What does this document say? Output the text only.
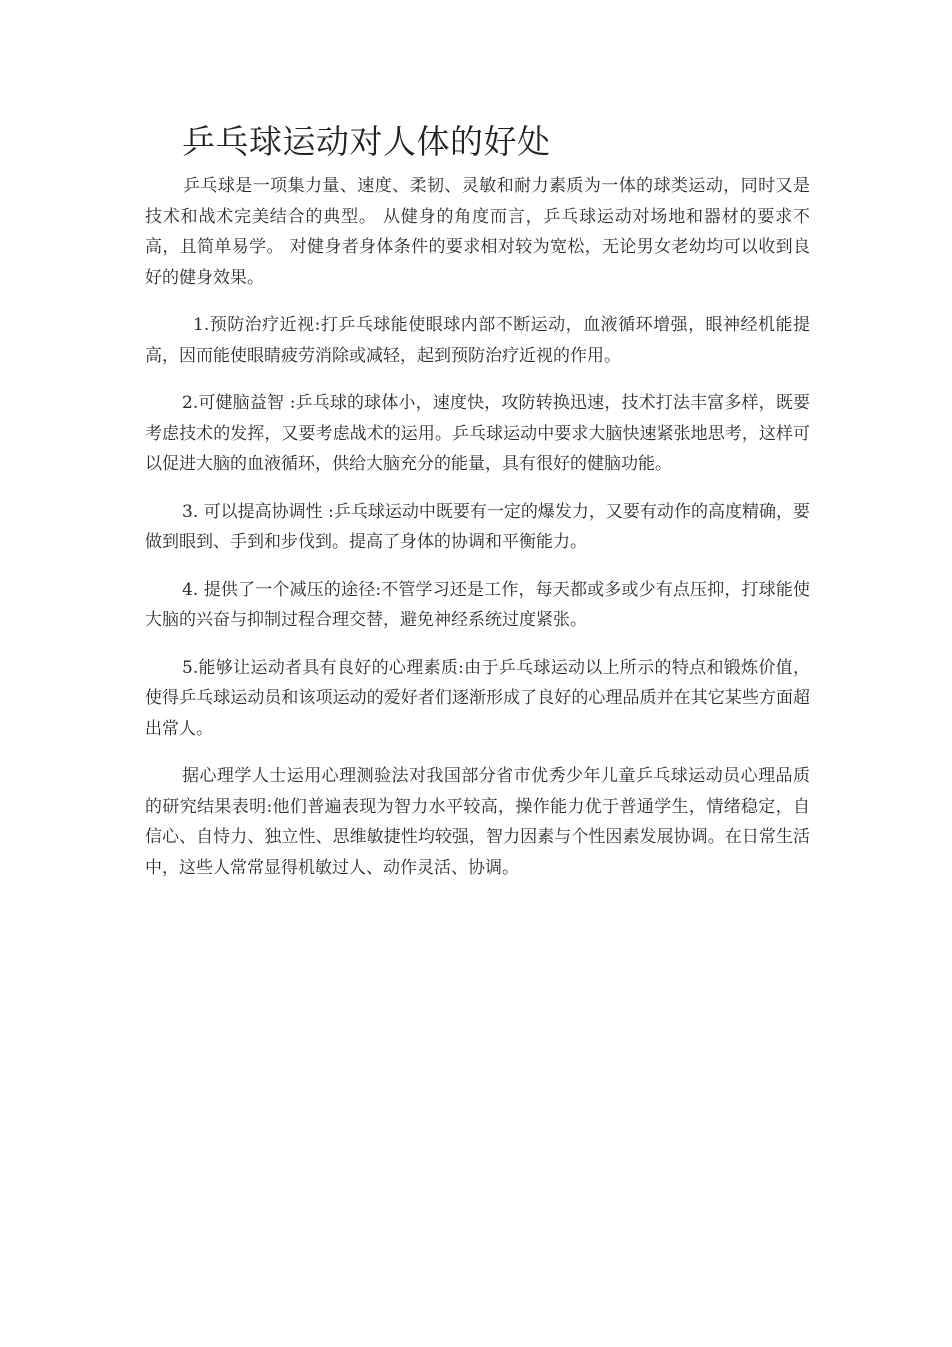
乒乓球运动对人体的好处

乒乓球是一项集力量、速度、柔韧、灵敏和耐力素质为一体的球类运动，同时又是技术和战术完美结合的典型。 从健身的角度而言，乒乓球运动对场地和器材的要求不高，且简单易学。 对健身者身体条件的要求相对较为宽松，无论男女老幼均可以收到良好的健身效果。

1.预防治疗近视:打乒乓球能使眼球内部不断运动，血液循环增强，眼神经机能提高，因而能使眼睛疲劳消除或减轻，起到预防治疗近视的作用。

2.可健脑益智 :乒乓球的球体小，速度快，攻防转换迅速，技术打法丰富多样，既要考虑技术的发挥，又要考虑战术的运用。乒乓球运动中要求大脑快速紧张地思考，这样可以促进大脑的血液循环，供给大脑充分的能量，具有很好的健脑功能。

3. 可以提高协调性 :乒乓球运动中既要有一定的爆发力，又要有动作的高度精确，要做到眼到、手到和步伐到。提高了身体的协调和平衡能力。

4. 提供了一个减压的途径:不管学习还是工作，每天都或多或少有点压抑，打球能使大脑的兴奋与抑制过程合理交替，避免神经系统过度紧张。

5.能够让运动者具有良好的心理素质:由于乒乓球运动以上所示的特点和锻炼价值，使得乒乓球运动员和该项运动的爱好者们逐渐形成了良好的心理品质并在其它某些方面超出常人。

据心理学人士运用心理测验法对我国部分省市优秀少年儿童乒乓球运动员心理品质的研究结果表明:他们普遍表现为智力水平较高，操作能力优于普通学生，情绪稳定，自信心、自恃力、独立性、思维敏捷性均较强，智力因素与个性因素发展协调。在日常生活中，这些人常常显得机敏过人、动作灵活、协调。
